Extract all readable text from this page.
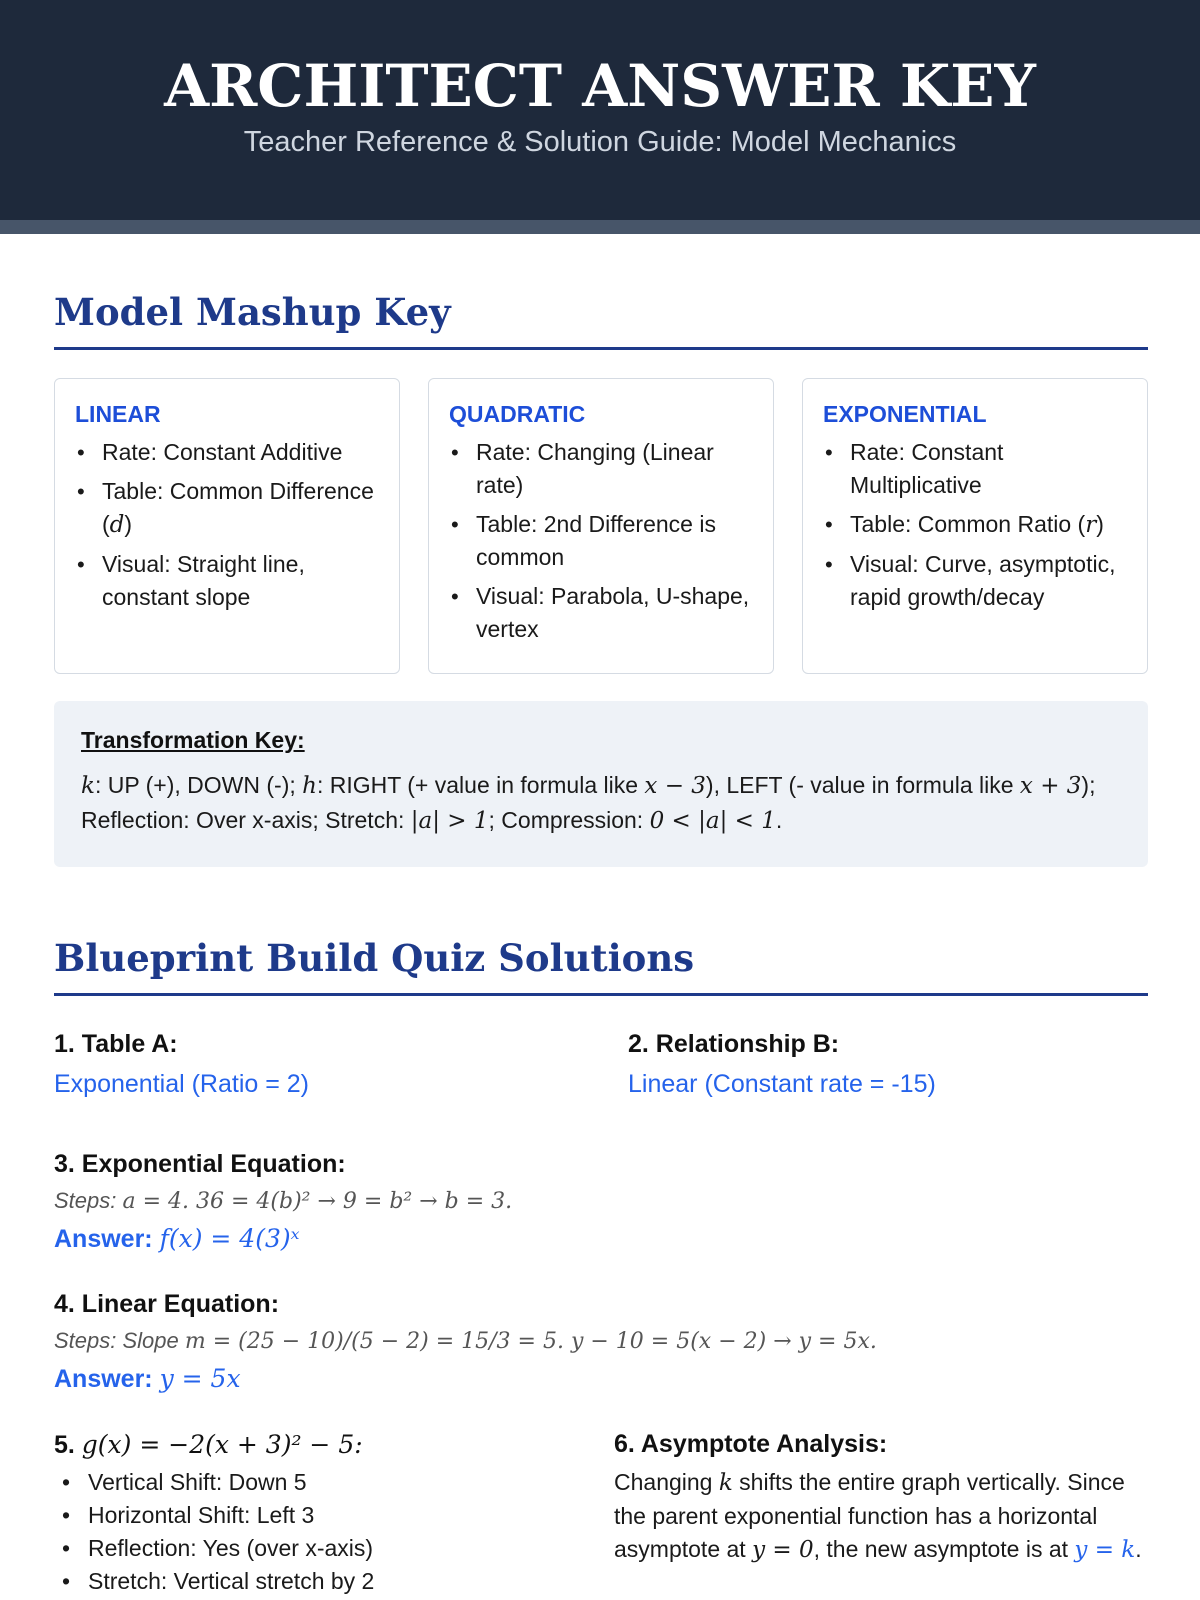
ARCHITECT ANSWER KEY
Teacher Reference & Solution Guide: Model Mechanics
Model Mashup Key
LINEAR
• Rate: Constant Additive
• Table: Common Difference (d)
• Visual: Straight line, constant slope
QUADRATIC
• Rate: Changing (Linear rate)
• Table: 2nd Difference is common
• Visual: Parabola, U-shape, vertex
EXPONENTIAL
• Rate: Constant Multiplicative
• Table: Common Ratio (r)
• Visual: Curve, asymptotic, rapid growth/decay
Transformation Key:
k: UP (+), DOWN (-); h: RIGHT (+ value in formula like x − 3), LEFT (- value in formula like x + 3); Reflection: Over x-axis; Stretch: |a| > 1; Compression: 0 < |a| < 1.
Blueprint Build Quiz Solutions
1. Table A:
Exponential (Ratio = 2)
2. Relationship B:
Linear (Constant rate = -15)
3. Exponential Equation:
Steps: a = 4. 36 = 4(b)² → 9 = b² → b = 3.
Answer: f(x) = 4(3)ˣ
4. Linear Equation:
Steps: Slope m = (25 − 10)/(5 − 2) = 15/3 = 5. y − 10 = 5(x − 2) → y = 5x.
Answer: y = 5x
5. g(x) = −2(x + 3)² − 5:
• Vertical Shift: Down 5
• Horizontal Shift: Left 3
• Reflection: Yes (over x-axis)
• Stretch: Vertical stretch by 2
6. Asymptote Analysis:
Changing k shifts the entire graph vertically. Since the parent exponential function has a horizontal asymptote at y = 0, the new asymptote is at y = k.
